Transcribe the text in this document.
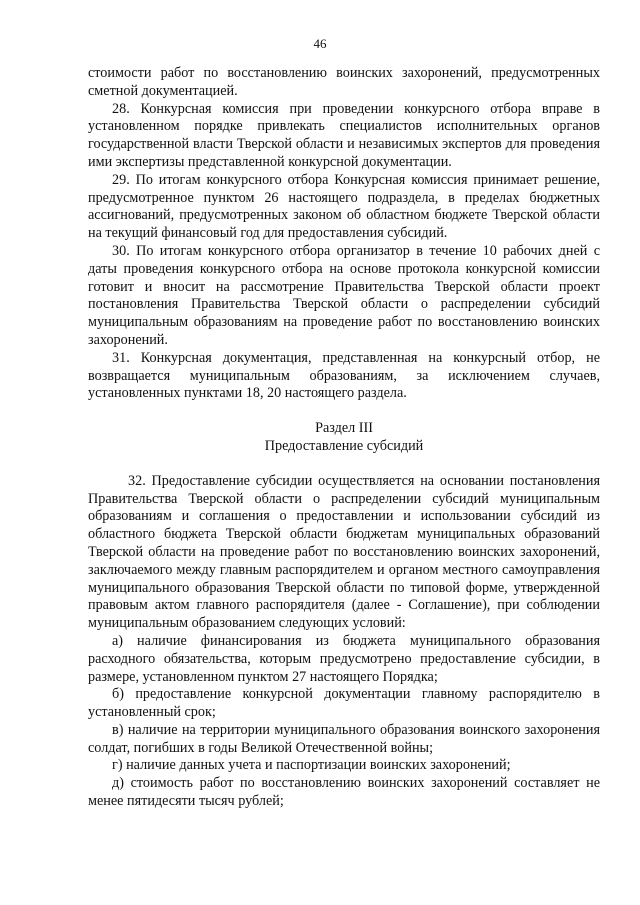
46

стоимости работ по восстановлению воинских захоронений, предусмотренных сметной документацией.

28. Конкурсная комиссия при проведении конкурсного отбора вправе в установленном порядке привлекать специалистов исполнительных органов государственной власти Тверской области и независимых экспертов для проведения ими экспертизы представленной конкурсной документации.

29. По итогам конкурсного отбора Конкурсная комиссия принимает решение, предусмотренное пунктом 26 настоящего подраздела, в пределах бюджетных ассигнований, предусмотренных законом об областном бюджете Тверской области на текущий финансовый год для предоставления субсидий.

30. По итогам конкурсного отбора организатор в течение 10 рабочих дней с даты проведения конкурсного отбора на основе протокола конкурсной комиссии готовит и вносит на рассмотрение Правительства Тверской области проект постановления Правительства Тверской области о распределении субсидий муниципальным образованиям на проведение работ по восстановлению воинских захоронений.

31. Конкурсная документация, представленная на конкурсный отбор, не возвращается муниципальным образованиям, за исключением случаев, установленных пунктами 18, 20 настоящего раздела.

Раздел III

Предоставление субсидий

32. Предоставление субсидии осуществляется на основании постановления Правительства Тверской области о распределении субсидий муниципальным образованиям и соглашения о предоставлении и использовании субсидий из областного бюджета Тверской области бюджетам муниципальных образований Тверской области на проведение работ по восстановлению воинских захоронений, заключаемого между главным распорядителем и органом местного самоуправления муниципального образования Тверской области по типовой форме, утвержденной правовым актом главного распорядителя (далее - Соглашение), при соблюдении муниципальным образованием следующих условий:

а) наличие финансирования из бюджета муниципального образования расходного обязательства, которым предусмотрено предоставление субсидии, в размере, установленном пунктом 27 настоящего Порядка;

б) предоставление конкурсной документации главному распорядителю в установленный срок;

в) наличие на территории муниципального образования воинского захоронения солдат, погибших в годы Великой Отечественной войны;

г) наличие данных учета и паспортизации воинских захоронений;

д) стоимость работ по восстановлению воинских захоронений составляет не менее пятидесяти тысяч рублей;
